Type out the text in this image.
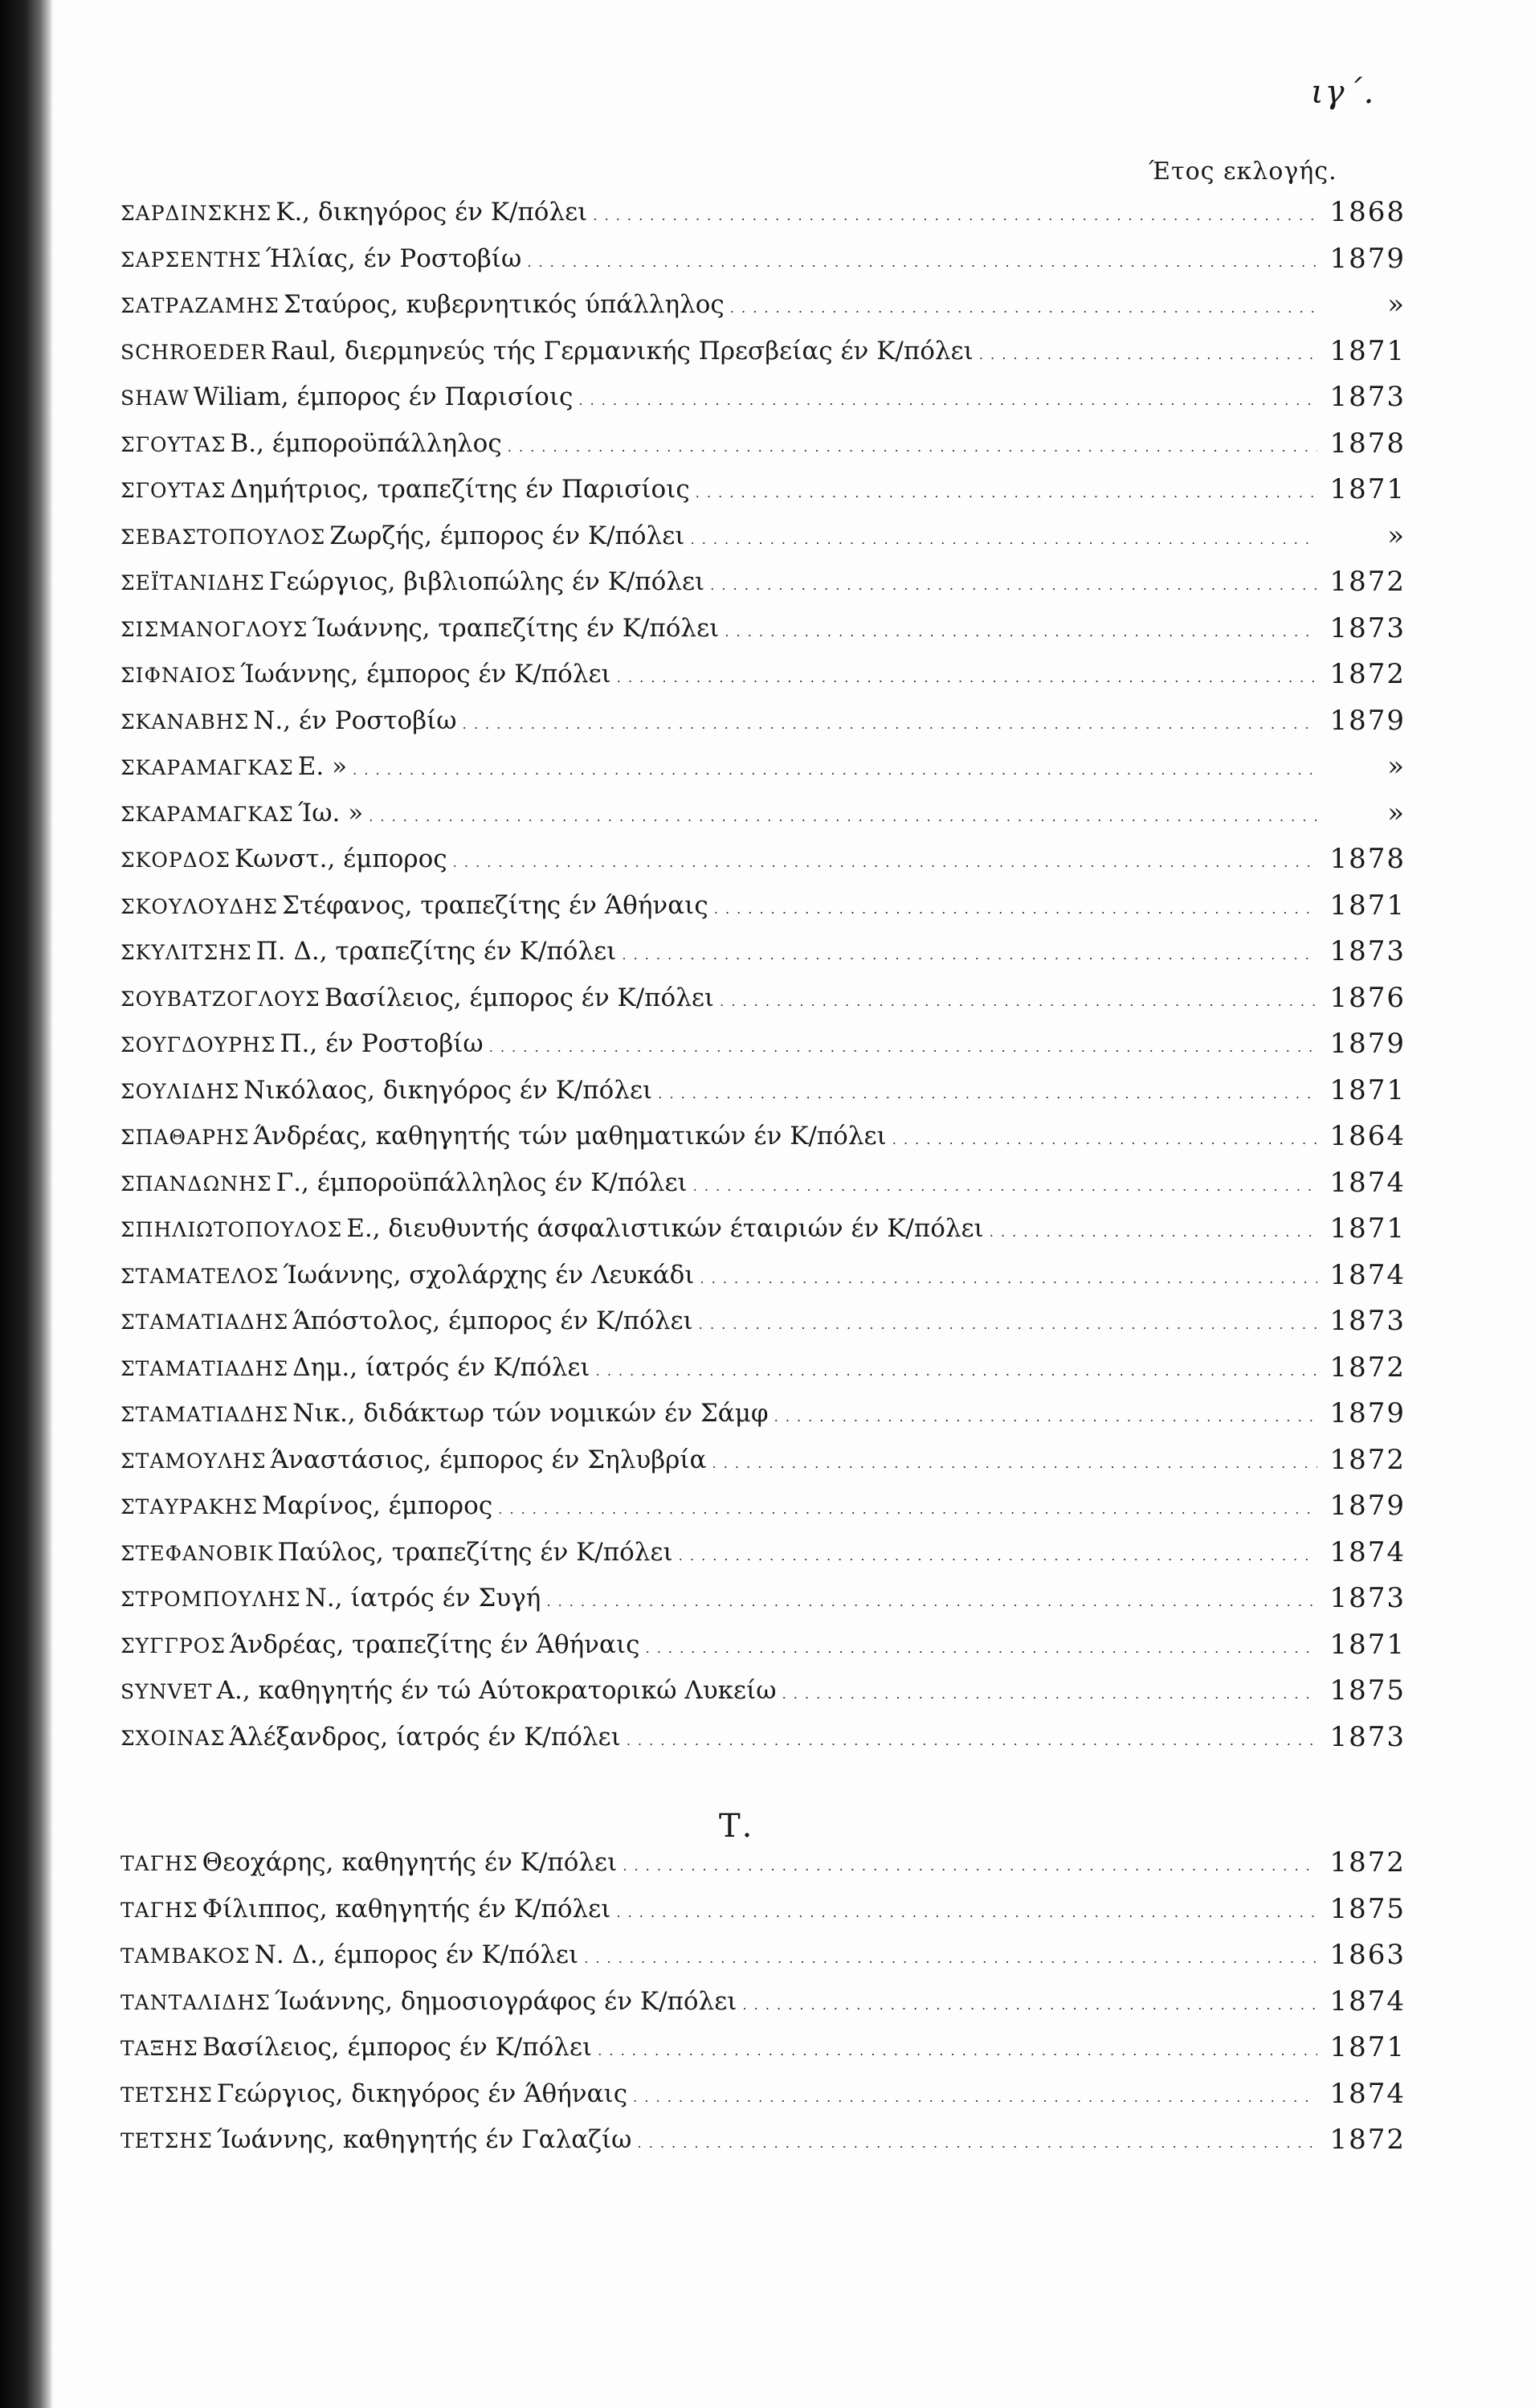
ιγ΄.
Έτος εκλογής.
ΣΑΡΔΙΝΣΚΗΣ Κ., δικηγόρος έν Κ/πόλει . . .	1868
ΣΑΡΣΕΝΤΗΣ Ήλίας, έν Ροστοβίω . . .	1879
ΣΑΤΡΑΖΑΜΗΣ Σταύρος, κυβερνητικός ύπάλληλος . . .	»
SCHROEDER Raul, διερμηνεύς τής Γερμανικής Πρεσβείας έν Κ/πόλει . . .	1871
SHAW Wiliam, έμπορος έν Παρισίοις . . .	1873
ΣΓΟΥΤΑΣ Β., έμποροϋπάλληλος . . .	1878
ΣΓΟΥΤΑΣ Δημήτριος, τραπεζίτης έν Παρισίοις . . .	1871
ΣΕΒΑΣΤΟΠΟΥΛΟΣ Ζωρζής, έμπορος έν Κ/πόλει . . .	»
ΣΕΪΤΑΝΙΔΗΣ Γεώργιος, βιβλιοπώλης έν Κ/πόλει . . .	1872
ΣΙΣΜΑΝΟΓΛΟΥΣ Ίωάννης, τραπεζίτης έν Κ/πόλει . . .	1873
ΣΙΦΝΑΙΟΣ Ίωάννης, έμπορος έν Κ/πόλει . . .	1872
ΣΚΑΝΑΒΗΣ Ν., έν Ροστοβίω . . .	1879
ΣΚΑΡΑΜΑΓΚΑΣ Ε. » . . .	»
ΣΚΑΡΑΜΑΓΚΑΣ Ίω. » . . .	»
ΣΚΟΡΔΟΣ Κωνστ., έμπορος . . .	1878
ΣΚΟΥΛΟΥΔΗΣ Στέφανος, τραπεζίτης έν Άθήναις . . .	1871
ΣΚΥΛΙΤΣΗΣ Π. Δ., τραπεζίτης έν Κ/πόλει . . .	1873
ΣΟΥΒΑΤΖΟΓΛΟΥΣ Βασίλειος, έμπορος έν Κ/πόλει . . .	1876
ΣΟΥΓΔΟΥΡΗΣ Π., έν Ροστοβίω . . .	1879
ΣΟΥΛΙΔΗΣ Νικόλαος, δικηγόρος έν Κ/πόλει . . .	1871
ΣΠΑΘΑΡΗΣ Άνδρέας, καθηγητής τών μαθηματικών έν Κ/πόλει . . .	1864
ΣΠΑΝΔΩΝΗΣ Γ., έμποροϋπάλληλος έν Κ/πόλει . . .	1874
ΣΠΗΛΙΩΤΟΠΟΥΛΟΣ Ε., διευθυντής άσφαλιστικών έταιριών έν Κ/πόλει . . .	1871
ΣΤΑΜΑΤΕΛΟΣ Ίωάννης, σχολάρχης έν Λευκάδι . . .	1874
ΣΤΑΜΑΤΙΑΔΗΣ Άπόστολος, έμπορος έν Κ/πόλει . . .	1873
ΣΤΑΜΑΤΙΑΔΗΣ Δημ., ίατρός έν Κ/πόλει . . .	1872
ΣΤΑΜΑΤΙΑΔΗΣ Νικ., διδάκτωρ τών νομικών έν Σάμφ . . .	1879
ΣΤΑΜΟΥΛΗΣ Άναστάσιος, έμπορος έν Σηλυβρία . . .	1872
ΣΤΑΥΡΑΚΗΣ Μαρίνος, έμπορος . . .	1879
ΣΤΕΦΑΝΟΒΙΚ Παύλος, τραπεζίτης έν Κ/πόλει . . .	1874
ΣΤΡΟΜΠΟΥΛΗΣ Ν., ίατρός έν Συγή . . .	1873
ΣΥΓΓΡΟΣ Άνδρέας, τραπεζίτης έν Άθήναις . . .	1871
SYNVET Α., καθηγητής έν τώ Αύτοκρατορικώ Λυκείω . . .	1875
ΣΧΟΙΝΑΣ Άλέξανδρος, ίατρός έν Κ/πόλει . . .	1873
Τ.
ΤΑΓΗΣ Θεοχάρης, καθηγητής έν Κ/πόλει . . .	1872
ΤΑΓΗΣ Φίλιππος, καθηγητής έν Κ/πόλει . . .	1875
ΤΑΜΒΑΚΟΣ Ν. Δ., έμπορος έν Κ/πόλει . . .	1863
ΤΑΝΤΑΛΙΔΗΣ Ίωάννης, δημοσιογράφος έν Κ/πόλει . . .	1874
ΤΑΞΗΣ Βασίλειος, έμπορος έν Κ/πόλει . . .	1871
ΤΕΤΣΗΣ Γεώργιος, δικηγόρος έν Άθήναις . . .	1874
ΤΕΤΣΗΣ Ίωάννης, καθηγητής έν Γαλαζίω . . .	1872
